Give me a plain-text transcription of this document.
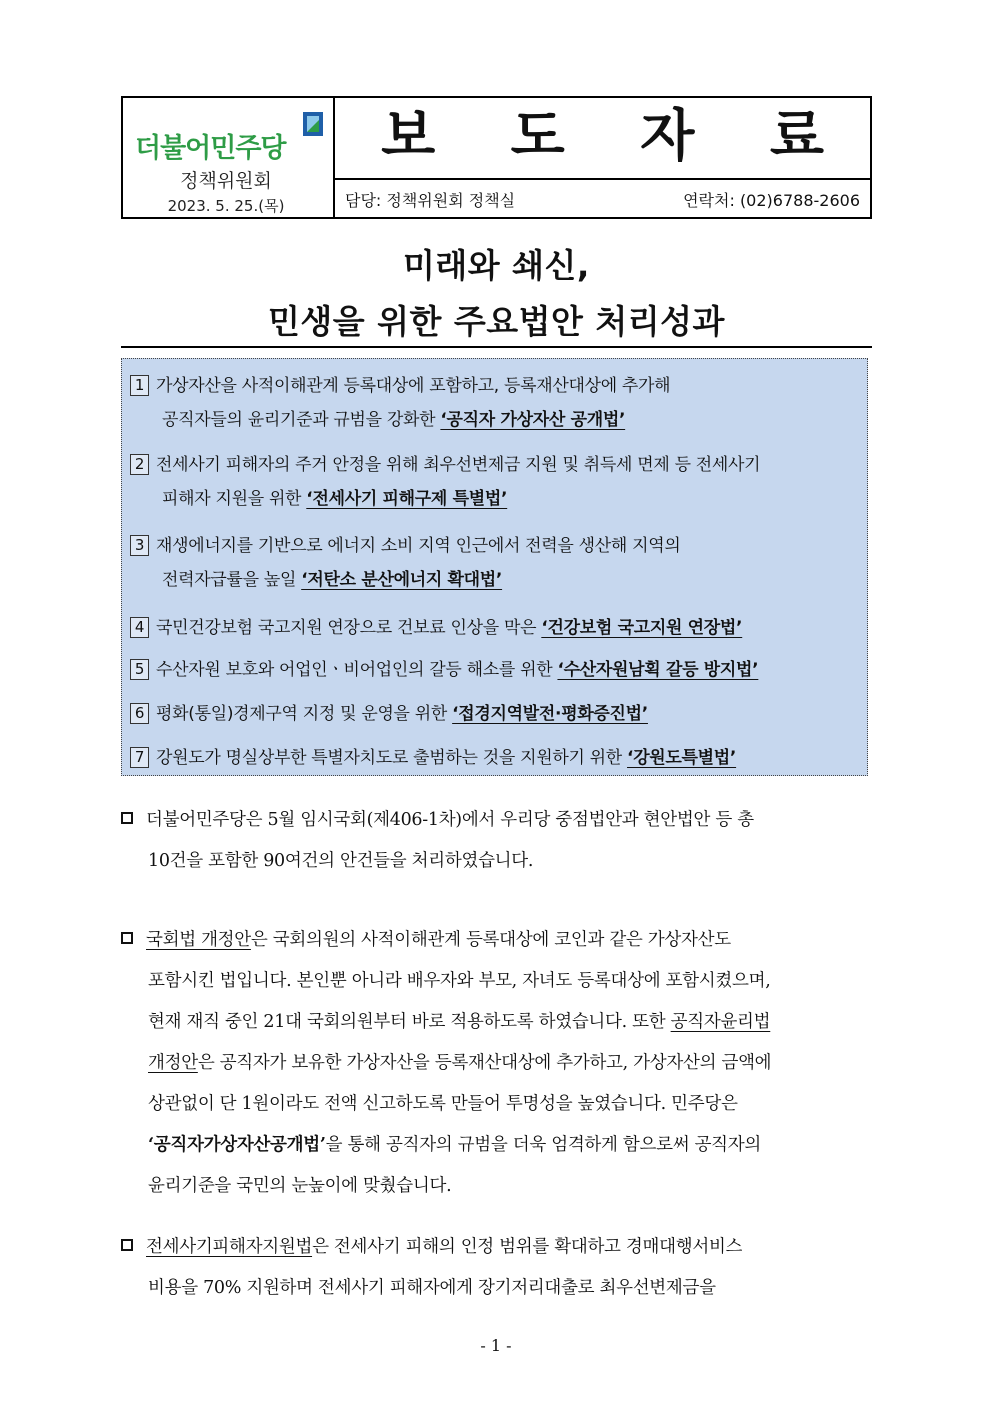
더불어민주당
정책위원회
2023. 5. 25.(목)
보 도 자 료
담당: 정책위원회 정책실	연락처: (02)6788-2606
미래와 쇄신,
민생을 위한 주요법안 처리성과
1 가상자산을 사적이해관계 등록대상에 포함하고, 등록재산대상에 추가해
공직자들의 윤리기준과 규범을 강화한 ‘공직자 가상자산 공개법’
2 전세사기 피해자의 주거 안정을 위해 최우선변제금 지원 및 취득세 면제 등 전세사기
피해자 지원을 위한 ‘전세사기 피해구제 특별법’
3 재생에너지를 기반으로 에너지 소비 지역 인근에서 전력을 생산해 지역의
전력자급률을 높일 ‘저탄소 분산에너지 확대법’
4 국민건강보험 국고지원 연장으로 건보료 인상을 막은 ‘건강보험 국고지원 연장법’
5 수산자원 보호와 어업인ㆍ비어업인의 갈등 해소를 위한 ‘수산자원남획 갈등 방지법’
6 평화(통일)경제구역 지정 및 운영을 위한 ‘접경지역발전·평화증진법’
7 강원도가 명실상부한 특별자치도로 출범하는 것을 지원하기 위한 ‘강원도특별법’
더불어민주당은 5월 임시국회(제406-1차)에서 우리당 중점법안과 현안법안 등 총
10건을 포함한 90여건의 안건들을 처리하였습니다.
국회법 개정안은 국회의원의 사적이해관계 등록대상에 코인과 같은 가상자산도
포함시킨 법입니다. 본인뿐 아니라 배우자와 부모, 자녀도 등록대상에 포함시켰으며,
현재 재직 중인 21대 국회의원부터 바로 적용하도록 하였습니다. 또한 공직자윤리법
개정안은 공직자가 보유한 가상자산을 등록재산대상에 추가하고, 가상자산의 금액에
상관없이 단 1원이라도 전액 신고하도록 만들어 투명성을 높였습니다. 민주당은
‘공직자가상자산공개법’을 통해 공직자의 규범을 더욱 엄격하게 함으로써 공직자의
윤리기준을 국민의 눈높이에 맞췄습니다.
전세사기피해자지원법은 전세사기 피해의 인정 범위를 확대하고 경매대행서비스
비용을 70% 지원하며 전세사기 피해자에게 장기저리대출로 최우선변제금을
- 1 -
